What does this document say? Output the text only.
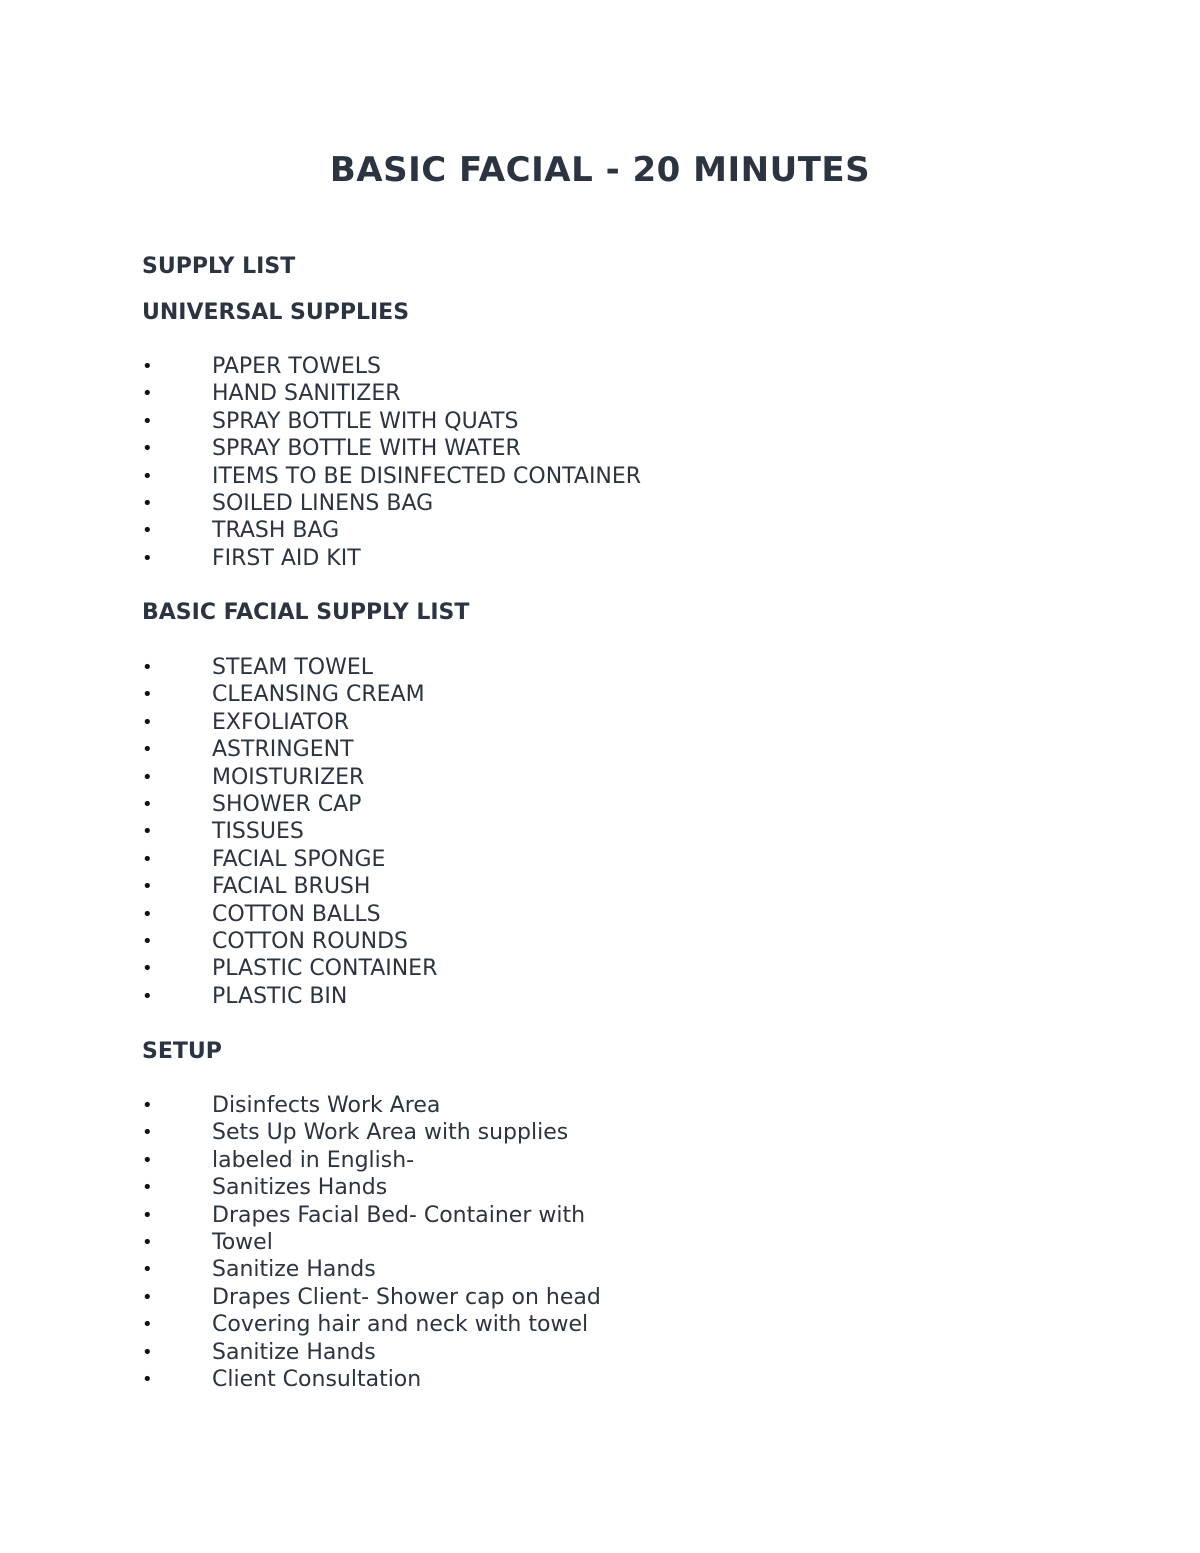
BASIC FACIAL - 20 MINUTES
SUPPLY LIST
UNIVERSAL SUPPLIES
•	PAPER TOWELS
•	HAND SANITIZER
•	SPRAY BOTTLE WITH QUATS
•	SPRAY BOTTLE WITH WATER
•	ITEMS TO BE DISINFECTED CONTAINER
•	SOILED LINENS BAG
•	TRASH BAG
•	FIRST AID KIT
BASIC FACIAL SUPPLY LIST
•	STEAM TOWEL
•	CLEANSING CREAM
•	EXFOLIATOR
•	ASTRINGENT
•	MOISTURIZER
•	SHOWER CAP
•	TISSUES
•	FACIAL SPONGE
•	FACIAL BRUSH
•	COTTON BALLS
•	COTTON ROUNDS
•	PLASTIC CONTAINER
•	PLASTIC BIN
SETUP
•	Disinfects Work Area
•	Sets Up Work Area with supplies
•	labeled in English-
•	Sanitizes Hands
•	Drapes Facial Bed- Container with
•	Towel
•	Sanitize Hands
•	Drapes Client- Shower cap on head
•	Covering hair and neck with towel
•	Sanitize Hands
•	Client Consultation
